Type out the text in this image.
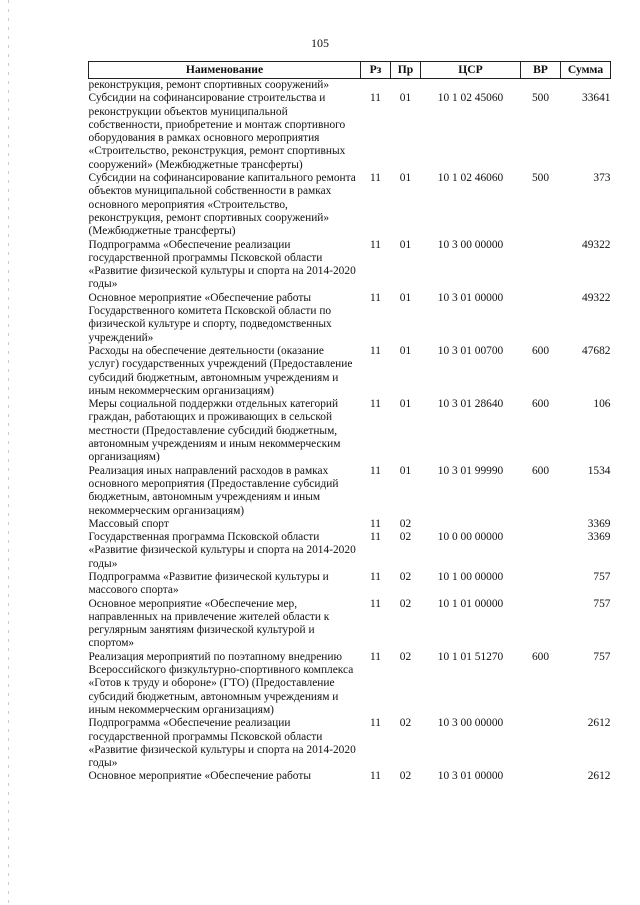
105
Наименование	Рз	Пр	ЦСР	ВР	Сумма
реконструкция, ремонт спортивных сооружений»					
Субсидии на софинансирование строительства и реконструкции объектов муниципальной собственности, приобретение и монтаж спортивного оборудования в рамках основного мероприятия «Строительство, реконструкция, ремонт спортивных сооружений» (Межбюджетные трансферты)	11	01	10 1 02 45060	500	33641
Субсидии на софинансирование капитального ремонта объектов муниципальной собственности в рамках основного мероприятия «Строительство, реконструкция, ремонт спортивных сооружений» (Межбюджетные трансферты)	11	01	10 1 02 46060	500	373
Подпрограмма «Обеспечение реализации государственной программы Псковской области «Развитие физической культуры и спорта на 2014-2020 годы»	11	01	10 3 00 00000		49322
Основное мероприятие «Обеспечение работы Государственного комитета Псковской области по физической культуре и спорту, подведомственных учреждений»	11	01	10 3 01 00000		49322
Расходы на обеспечение деятельности (оказание услуг) государственных учреждений (Предоставление субсидий бюджетным, автономным учреждениям и иным некоммерческим организациям)	11	01	10 3 01 00700	600	47682
Меры социальной поддержки отдельных категорий граждан, работающих и проживающих в сельской местности (Предоставление субсидий бюджетным, автономным учреждениям и иным некоммерческим организациям)	11	01	10 3 01 28640	600	106
Реализация иных направлений расходов в рамках основного мероприятия (Предоставление субсидий бюджетным, автономным учреждениям и иным некоммерческим организациям)	11	01	10 3 01 99990	600	1534
Массовый спорт	11	02			3369
Государственная программа Псковской области «Развитие физической культуры и спорта на 2014-2020 годы»	11	02	10 0 00 00000		3369
Подпрограмма «Развитие физической культуры и массового спорта»	11	02	10 1 00 00000		757
Основное мероприятие «Обеспечение мер, направленных на привлечение жителей области к регулярным занятиям физической культурой и спортом»	11	02	10 1 01 00000		757
Реализация мероприятий по поэтапному внедрению Всероссийского физкультурно-спортивного комплекса «Готов к труду и обороне» (ГТО) (Предоставление субсидий бюджетным, автономным учреждениям и иным некоммерческим организациям)	11	02	10 1 01 51270	600	757
Подпрограмма «Обеспечение реализации государственной программы Псковской области «Развитие физической культуры и спорта на 2014-2020 годы»	11	02	10 3 00 00000		2612
Основное мероприятие «Обеспечение работы	11	02	10 3 01 00000		2612
